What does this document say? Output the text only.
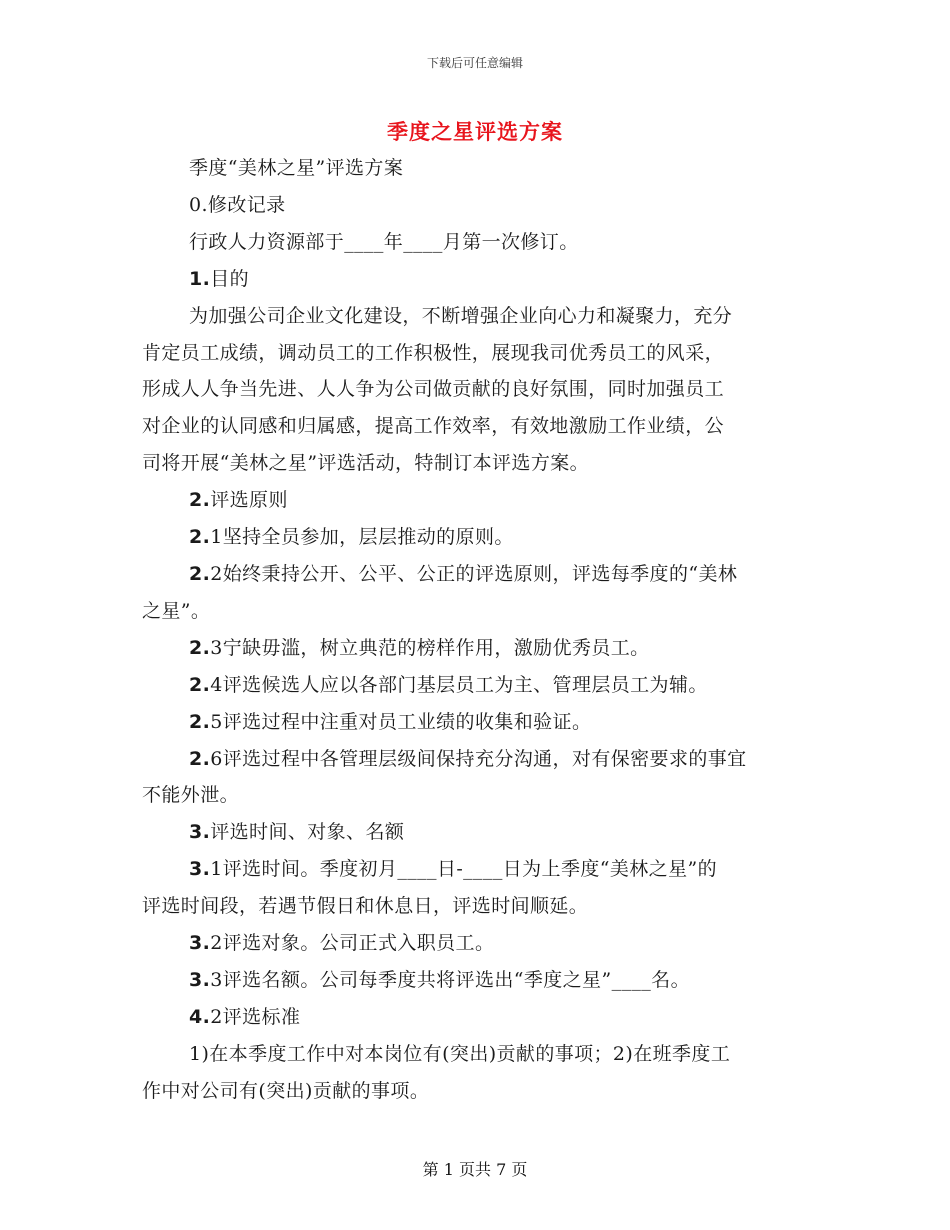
下载后可任意编辑
季度之星评选方案
季度“美林之星”评选方案
0.修改记录
行政人力资源部于____年____月第一次修订。
1.目的
为加强公司企业文化建设，不断增强企业向心力和凝聚力，充分
肯定员工成绩，调动员工的工作积极性，展现我司优秀员工的风采，
形成人人争当先进、人人争为公司做贡献的良好氛围，同时加强员工
对企业的认同感和归属感，提高工作效率，有效地激励工作业绩，公
司将开展“美林之星”评选活动，特制订本评选方案。
2.评选原则
2.1坚持全员参加，层层推动的原则。
2.2始终秉持公开、公平、公正的评选原则，评选每季度的“美林
之星”。
2.3宁缺毋滥，树立典范的榜样作用，激励优秀员工。
2.4评选候选人应以各部门基层员工为主、管理层员工为辅。
2.5评选过程中注重对员工业绩的收集和验证。
2.6评选过程中各管理层级间保持充分沟通，对有保密要求的事宜
不能外泄。
3.评选时间、对象、名额
3.1评选时间。季度初月____日-____日为上季度“美林之星”的
评选时间段，若遇节假日和休息日，评选时间顺延。
3.2评选对象。公司正式入职员工。
3.3评选名额。公司每季度共将评选出“季度之星”____名。
4.2评选标准
1)在本季度工作中对本岗位有(突出)贡献的事项；2)在班季度工
作中对公司有(突出)贡献的事项。
第 1 页共 7 页
